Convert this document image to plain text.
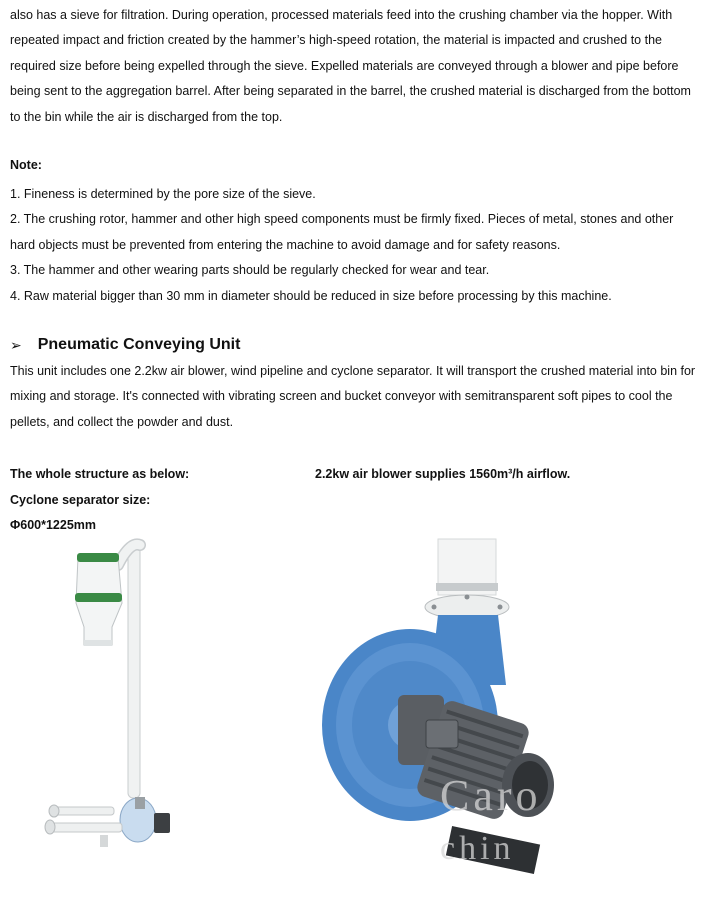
also has a sieve for filtration. During operation, processed materials feed into the crushing chamber via the hopper. With repeated impact and friction created by the hammer’s high-speed rotation, the material is impacted and crushed to the required size before being expelled through the sieve. Expelled materials are conveyed through a blower and pipe before being sent to the aggregation barrel. After being separated in the barrel, the crushed material is discharged from the bottom to the bin while the air is discharged from the top.

Note:

1. Fineness is determined by the pore size of the sieve.

2. The crushing rotor, hammer and other high speed components must be firmly fixed. Pieces of metal, stones and other hard objects must be prevented from entering the machine to avoid damage and for safety reasons.

3. The hammer and other wearing parts should be regularly checked for wear and tear.

4. Raw material bigger than 30 mm in diameter should be reduced in size before processing by this machine.

➢ Pneumatic Conveying Unit

This unit includes one 2.2kw air blower, wind pipeline and cyclone separator. It will transport the crushed material into bin for mixing and storage. It's connected with vibrating screen and bucket conveyor with semitransparent soft pipes to cool the pellets, and collect the powder and dust.

The whole structure as below:	2.2kw air blower supplies 1560m³/h airflow.
Cyclone separator size:
Φ600*1225mm
Caro
chin
